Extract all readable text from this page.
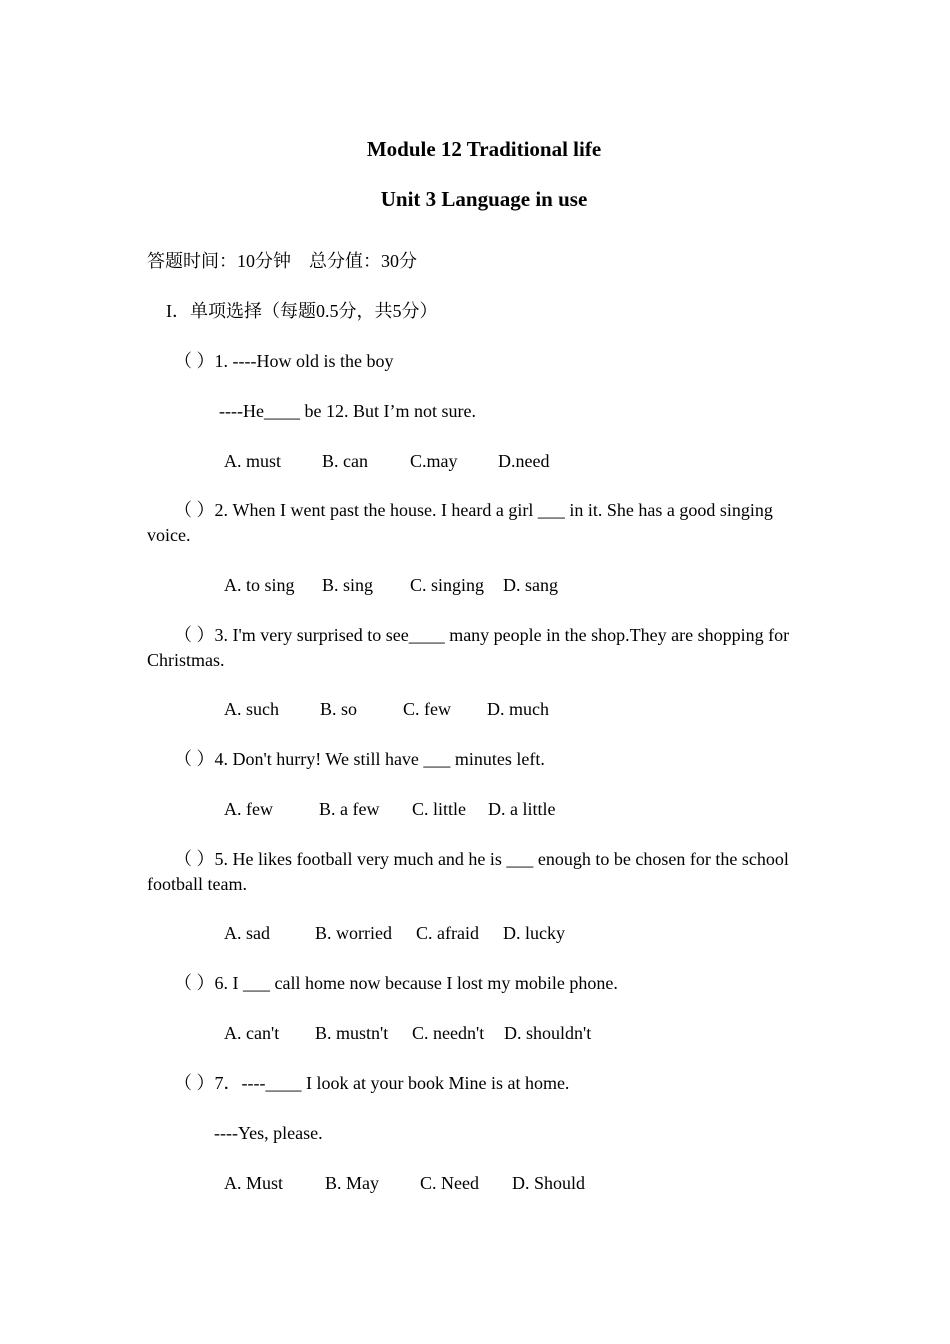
Module 12 Traditional life
Unit 3 Language in use
答题时间：10分钟    总分值：30分
I．单项选择（每题0.5分，共5分）
（ ）1. ----How old is the boy
----He____ be 12. But I’m not sure.
A. must B. can C.may D.need
（ ）2. When I went past the house. I heard a girl ___ in it. She has a good singing voice.
A. to sing B. sing C. singing D. sang
（ ）3. I'm very surprised to see____ many people in the shop.They are shopping for Christmas.
A. such B. so	C. few D. much
（ ）4. Don't hurry! We still have ___ minutes left.
A. few	B. a few C. little D. a little
（ ）5. He likes football very much and he is ___ enough to be chosen for the school football team.
A. sad	B. worried C. afraid D. lucky
（ ）6. I ___ call home now because I lost my mobile phone.
A. can't B. mustn't C. needn't D. shouldn't
（ ）7．----____ I look at your book Mine is at home.
----Yes, please.
A. Must B. May C. Need D. Should
